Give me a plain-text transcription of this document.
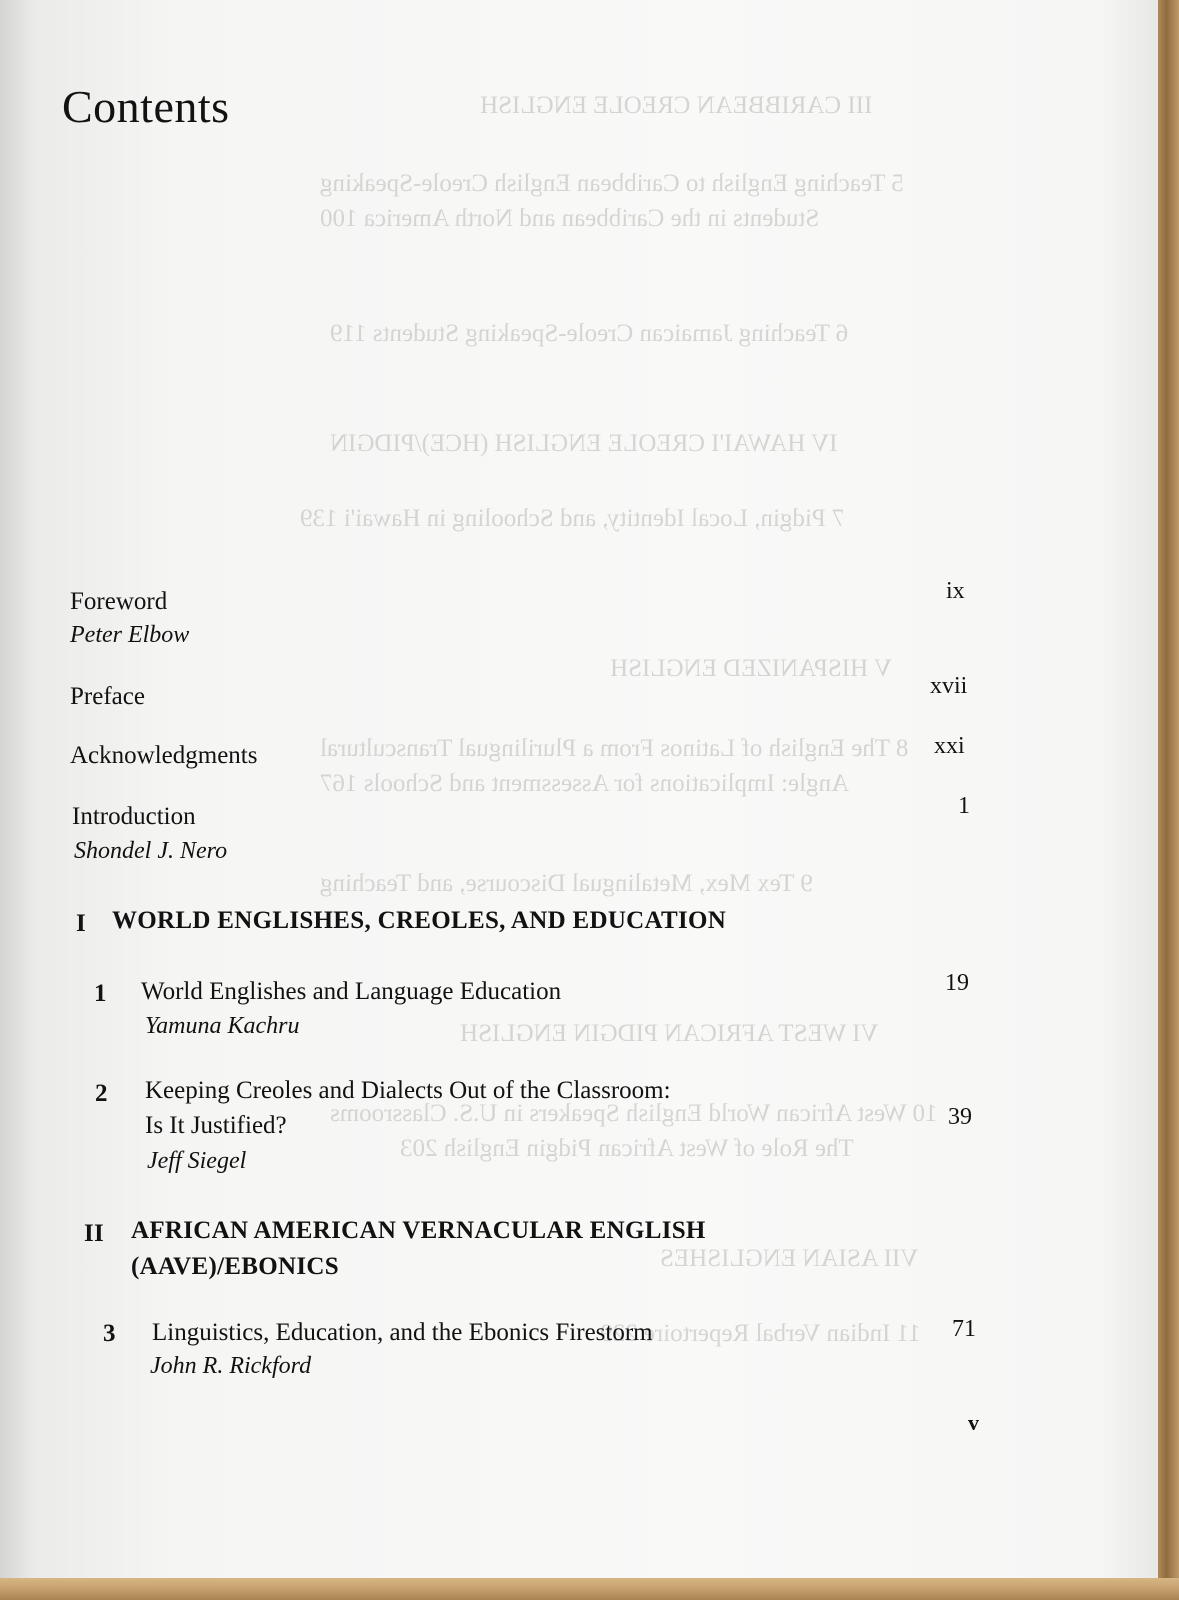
III CARIBBEAN CREOLE ENGLISH
5 Teaching English to Caribbean English Creole-Speaking
Students in the Caribbean and North America 100
6 Teaching Jamaican Creole-Speaking Students 119
IV HAWAI'I CREOLE ENGLISH (HCE)/PIDGIN
7 Pidgin, Local Identity, and Schooling in Hawai'i 139
V HISPANIZED ENGLISH
8 The English of Latinos From a Plurilingual Transcultural
Angle: Implications for Assessment and Schools 167
9 Tex Mex, Metalingual Discourse, and Teaching
VI WEST AFRICAN PIDGIN ENGLISH
10 West African World English Speakers in U.S. Classrooms
The Role of West African Pidgin English 203
VII ASIAN ENGLISHES
11 Indian Verbal Repertoire 229
Contents
Foreword
Peter Elbow
ix
Preface	xvii
Acknowledgments	xxi
Introduction
Shondel J. Nero
1
I WORLD ENGLISHES, CREOLES, AND EDUCATION
1 World Englishes and Language Education
Yamuna Kachru
19
2 Keeping Creoles and Dialects Out of the Classroom:
Is It Justified?
Jeff Siegel
39
II AFRICAN AMERICAN VERNACULAR ENGLISH
(AAVE)/EBONICS
3 Linguistics, Education, and the Ebonics Firestorm
John R. Rickford
71
v
